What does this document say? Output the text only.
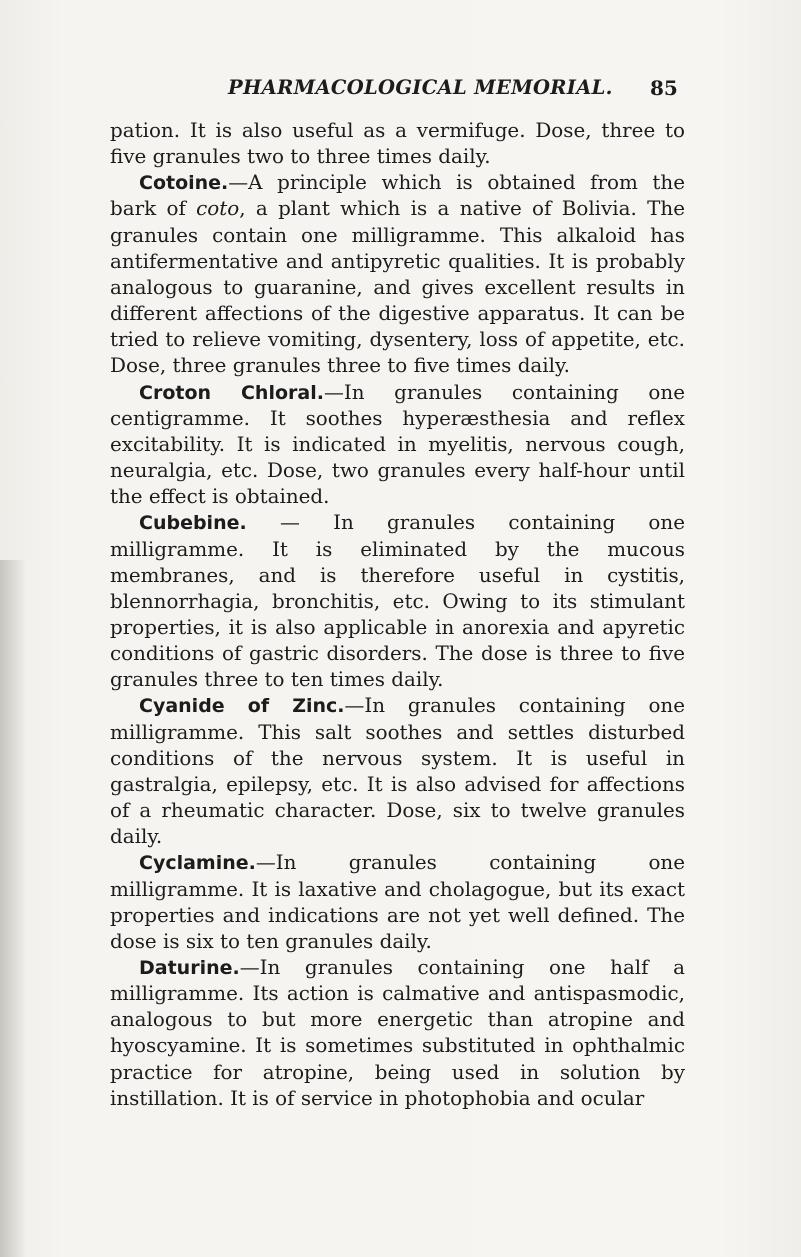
PHARMACOLOGICAL MEMORIAL. 85

pation. It is also useful as a vermifuge. Dose, three to five granules two to three times daily.

Cotoine.—A principle which is obtained from the bark of coto, a plant which is a native of Bolivia. The granules contain one milligramme. This alkaloid has antifermentative and antipyretic qualities. It is probably analogous to guaranine, and gives excellent results in different affections of the digestive apparatus. It can be tried to relieve vomiting, dysentery, loss of appetite, etc. Dose, three granules three to five times daily.

Croton Chloral.—In granules containing one centigramme. It soothes hyperæsthesia and reflex excitability. It is indicated in myelitis, nervous cough, neuralgia, etc. Dose, two granules every half-hour until the effect is obtained.

Cubebine. — In granules containing one milligramme. It is eliminated by the mucous membranes, and is therefore useful in cystitis, blennorrhagia, bronchitis, etc. Owing to its stimulant properties, it is also applicable in anorexia and apyretic conditions of gastric disorders. The dose is three to five granules three to ten times daily.

Cyanide of Zinc.—In granules containing one milligramme. This salt soothes and settles disturbed conditions of the nervous system. It is useful in gastralgia, epilepsy, etc. It is also advised for affections of a rheumatic character. Dose, six to twelve granules daily.

Cyclamine.—In granules containing one milligramme. It is laxative and cholagogue, but its exact properties and indications are not yet well defined. The dose is six to ten granules daily.

Daturine.—In granules containing one half a milligramme. Its action is calmative and antispasmodic, analogous to but more energetic than atropine and hyoscyamine. It is sometimes substituted in ophthalmic practice for atropine, being used in solution by instillation. It is of service in photophobia and ocular
